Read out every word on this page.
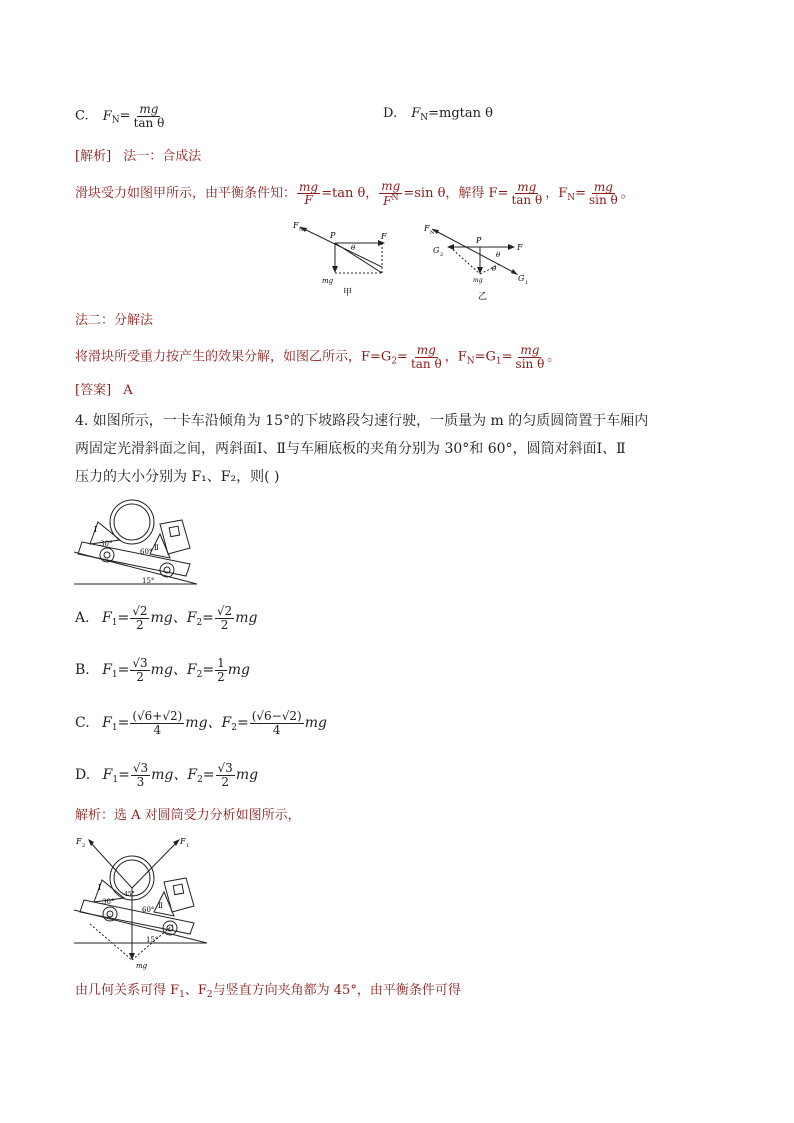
C. $F_N= \frac{mg}{\text{tan θ}}$	D. $F_N=mgtan$ θ
[解析] 法一：合成法
滑块受力如图甲所示，由平衡条件知： $\frac{mg}{F} =\tan$ θ， $\frac{mg}{F^N} =\sin$ θ，解得 $F= \frac{mg}{\text{tan θ}}$ ，$F_N= \frac{mg}{\text{sin θ}}$ 。
F N
P	F
θ
mg
甲
F N
P
F
G 2
G 1
θ
θ
mg
乙
法二：分解法
将滑块所受重力按产生的效果分解，如图乙所示，$F=G_2= \frac{mg}{\text{tan θ}}$ ，$F_N=G_1= \frac{mg}{\text{sin θ}}$ 。
[答案] A
4. 如图所示，一卡车沿倾角为 15°的下坡路段匀速行驶，一质量为 m 的匀质圆筒置于车厢内
两固定光滑斜面之间，两斜面Ⅰ、Ⅱ与车厢底板的夹角分别为 30°和 60°，圆筒对斜面Ⅰ、Ⅱ
压力的大小分别为 F₁、F₂，则( )
Ⅰ
30°	Ⅱ
60°
15°
A. $F_1= \frac{√2}{2}$ mg、$F_2= \frac{√2}{2}$ mg
B. $F_1= \frac{√3}{2}$ mg、$F_2= \frac{1}{2}$ mg
C. $F_1= \frac{(√6+√2)}{4}$ mg、$F_2= \frac{(√6-√2)}{4}$ mg
D. $F_1= \frac{√3}{3}$ mg、$F_2= \frac{√3}{2}$ mg
解析：选 A 对圆筒受力分析如图所示，
F 2	F 1
Ⅰ
30°
45°
Ⅱ
60°
15°
mg
由几何关系可得 $F_1$、$F_2$与竖直方向夹角都为 45°，由平衡条件可得
